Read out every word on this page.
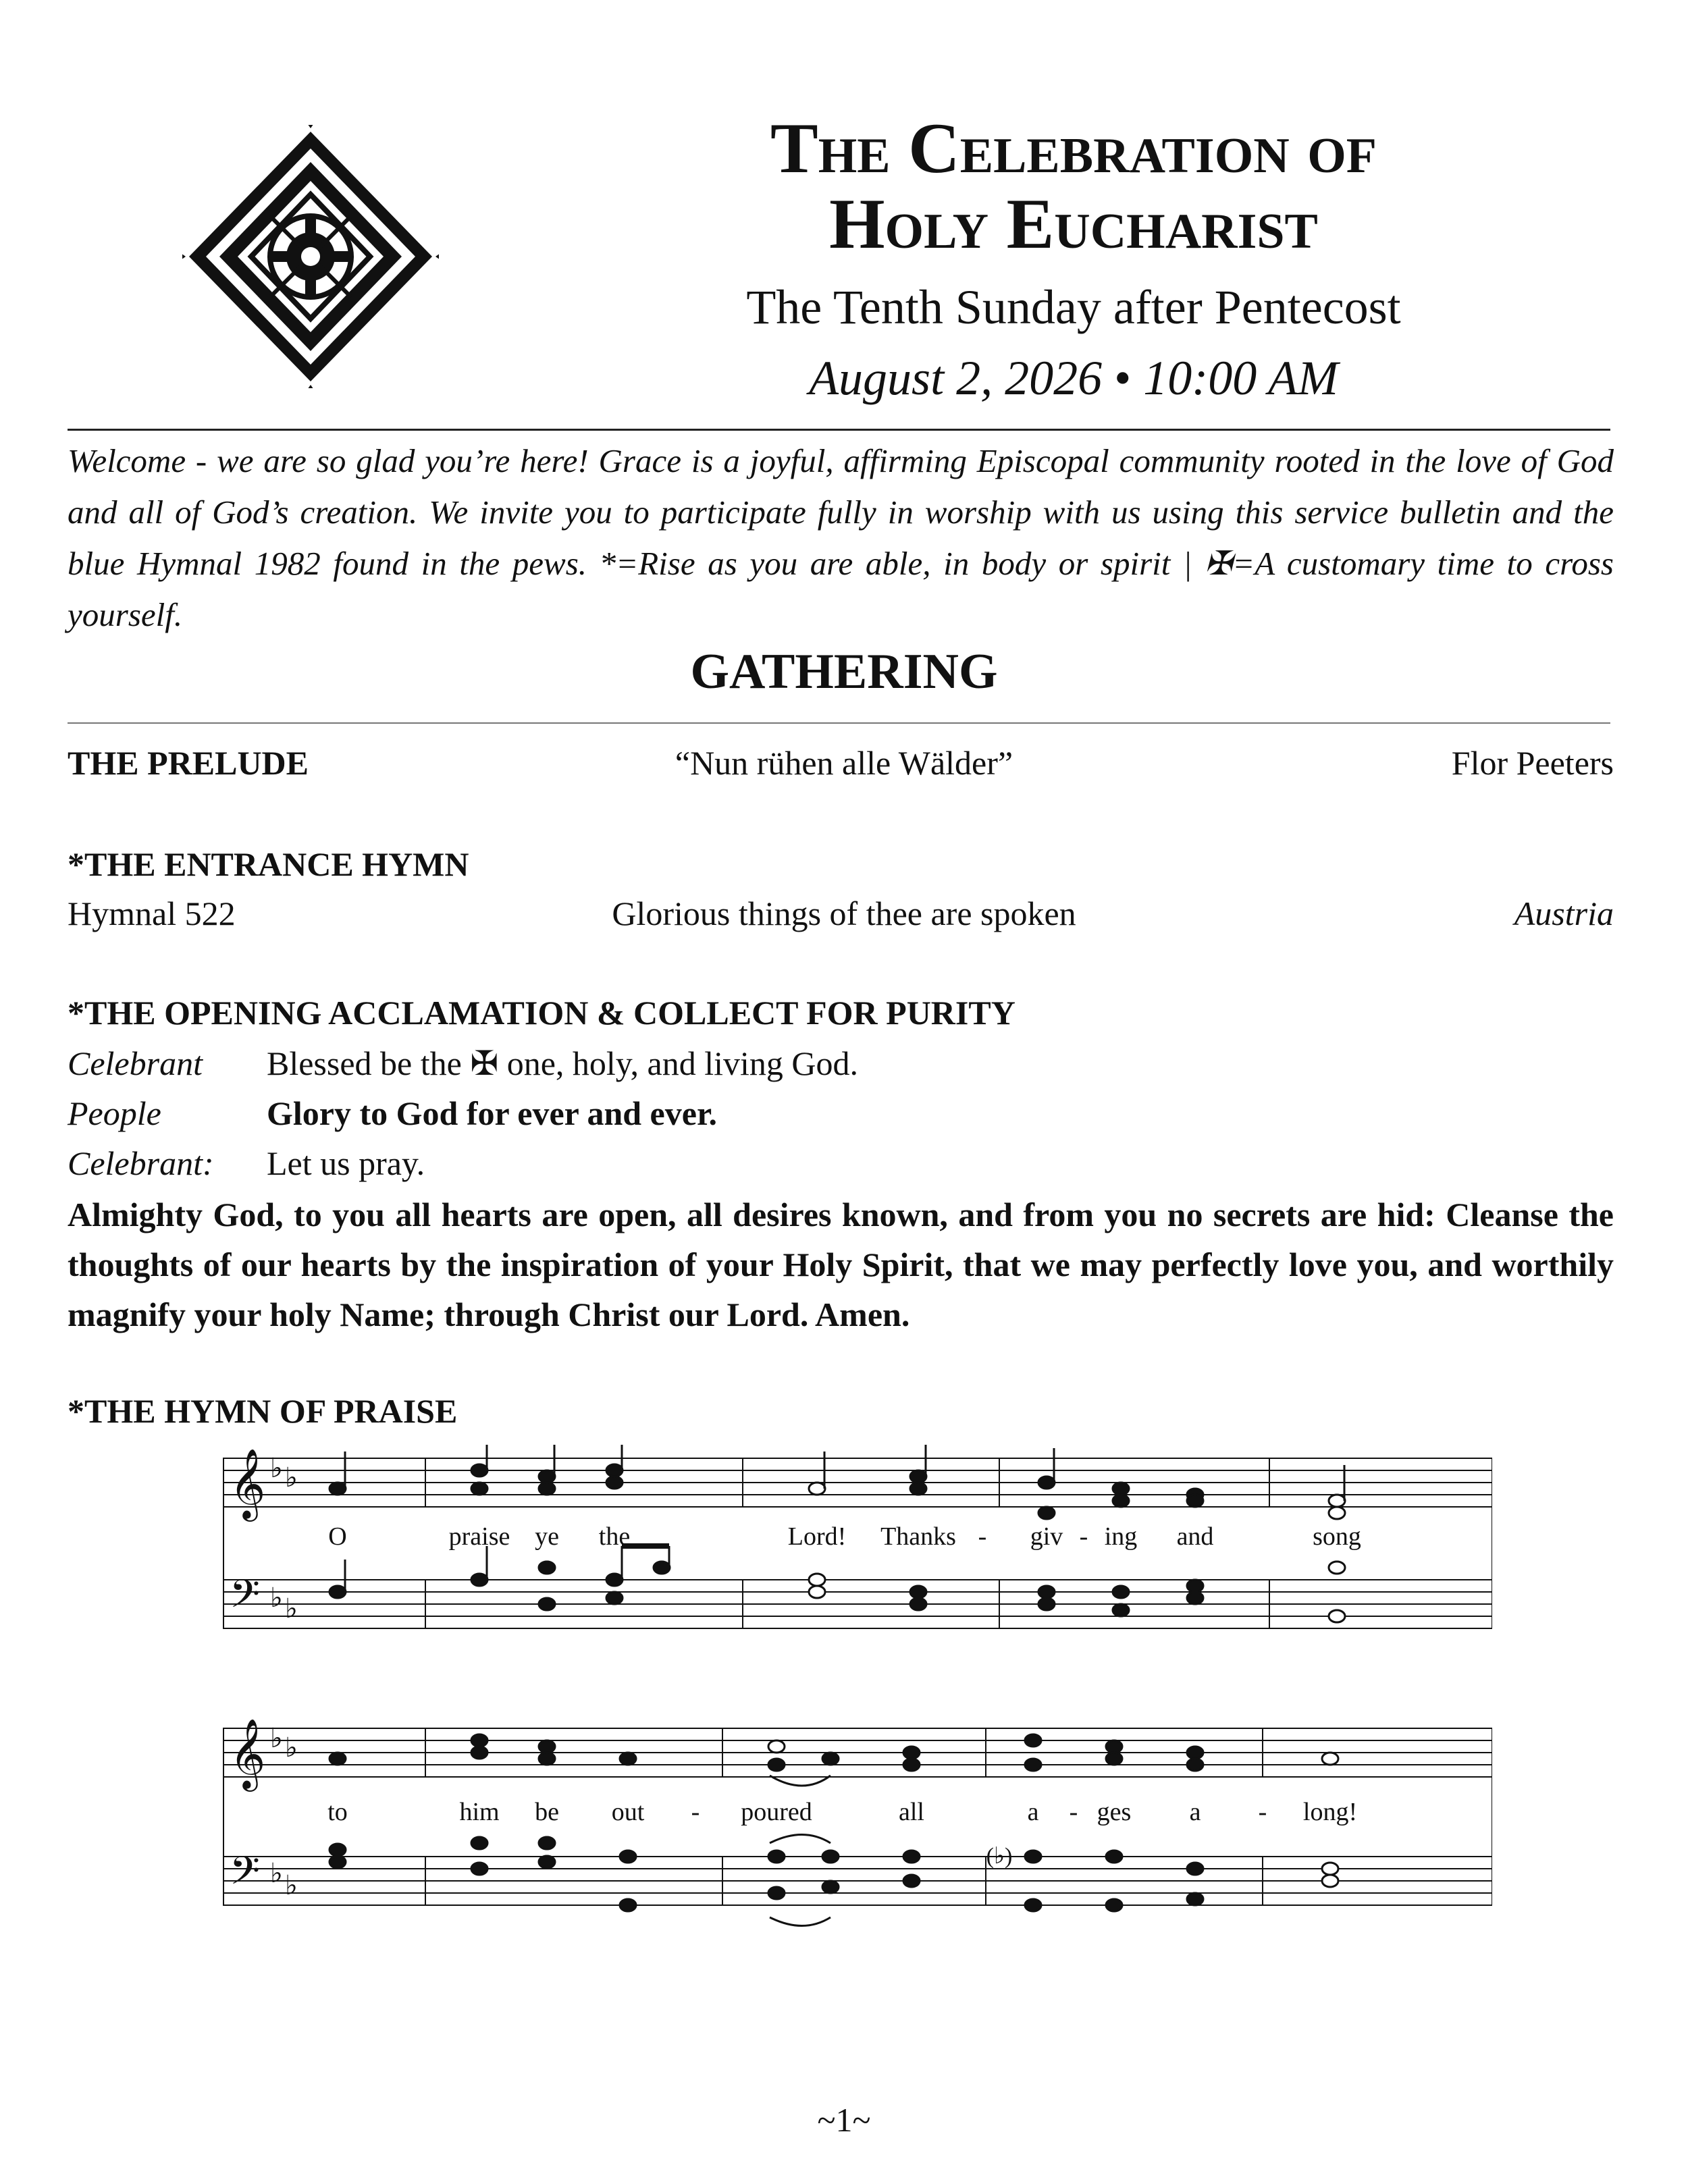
The Celebration of
Holy Eucharist
The Tenth Sunday after Pentecost
August 2, 2026 • 10:00 AM
Welcome - we are so glad you’re here! Grace is a joyful, affirming Episcopal community rooted in the love of God and all of God’s creation. We invite you to participate fully in worship with us using this service bulletin and the blue Hymnal 1982 found in the pews. *=Rise as you are able, in body or spirit | ✠=A customary time to cross yourself.
GATHERING
THE PRELUDE	“Nun rühen alle Wälder”	Flor Peeters
*THE ENTRANCE HYMN
Hymnal 522	Glorious things of thee are spoken	Austria
*THE OPENING ACCLAMATION & COLLECT FOR PURITY
Celebrant	Blessed be the ✠ one, holy, and living God.
People	Glory to God for ever and ever.
Celebrant:	Let us pray.
Almighty God, to you all hearts are open, all desires known, and from you no secrets are hid: Cleanse the thoughts of our hearts by the inspiration of your Holy Spirit, that we may perfectly love you, and worthily magnify your holy Name; through Christ our Lord. Amen.
*THE HYMN OF PRAISE
𝄞
𝄢
𝄞
𝄢
♭ ♭
♭ ♭
♭ ♭
♭ ♭
O	praise ye the	Lord! Thanks - giv - ing and	song
to	him be out - poured	all	a - ges a - long!
(♭)
~1~
